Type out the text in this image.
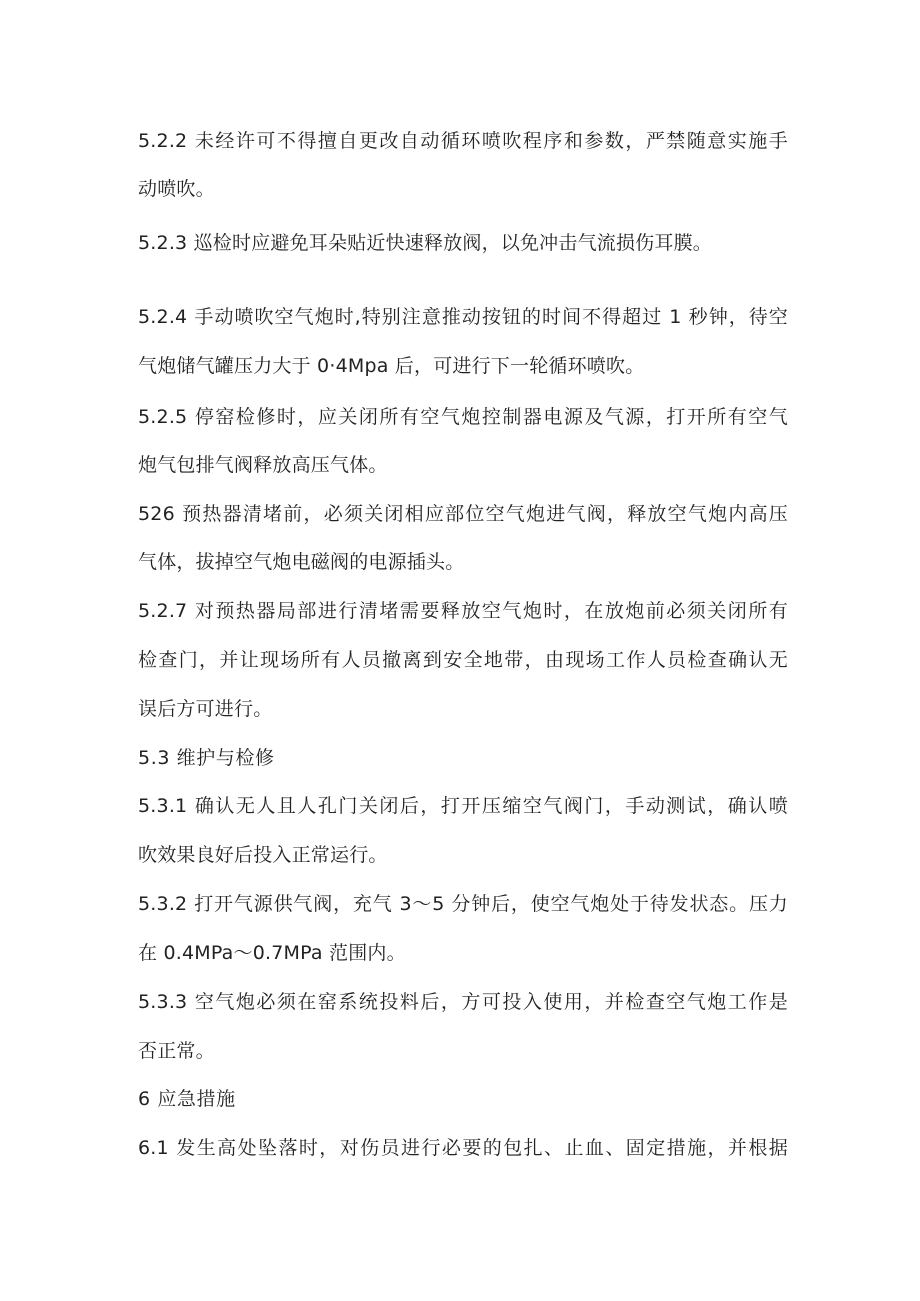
5.2.2 未经许可不得擅自更改自动循环喷吹程序和参数，严禁随意实施手
动喷吹。
5.2.3 巡检时应避免耳朵贴近快速释放阀，以免冲击气流损伤耳膜。
5.2.4 手动喷吹空气炮时,特别注意推动按钮的时间不得超过 1 秒钟，待空
气炮储气罐压力大于 0·4Mpa 后，可进行下一轮循环喷吹。
5.2.5 停窑检修时，应关闭所有空气炮控制器电源及气源，打开所有空气
炮气包排气阀释放高压气体。
526 预热器清堵前，必须关闭相应部位空气炮进气阀，释放空气炮内高压
气体，拔掉空气炮电磁阀的电源插头。
5.2.7 对预热器局部进行清堵需要释放空气炮时，在放炮前必须关闭所有
检查门，并让现场所有人员撤离到安全地带，由现场工作人员检查确认无
误后方可进行。
5.3 维护与检修
5.3.1 确认无人且人孔门关闭后，打开压缩空气阀门，手动测试，确认喷
吹效果良好后投入正常运行。
5.3.2 打开气源供气阀，充气 3～5 分钟后，使空气炮处于待发状态。压力
在 0.4MPa～0.7MPa 范围内。
5.3.3 空气炮必须在窑系统投料后，方可投入使用，并检查空气炮工作是
否正常。
6 应急措施
6.1 发生高处坠落时，对伤员进行必要的包扎、止血、固定措施，并根据
